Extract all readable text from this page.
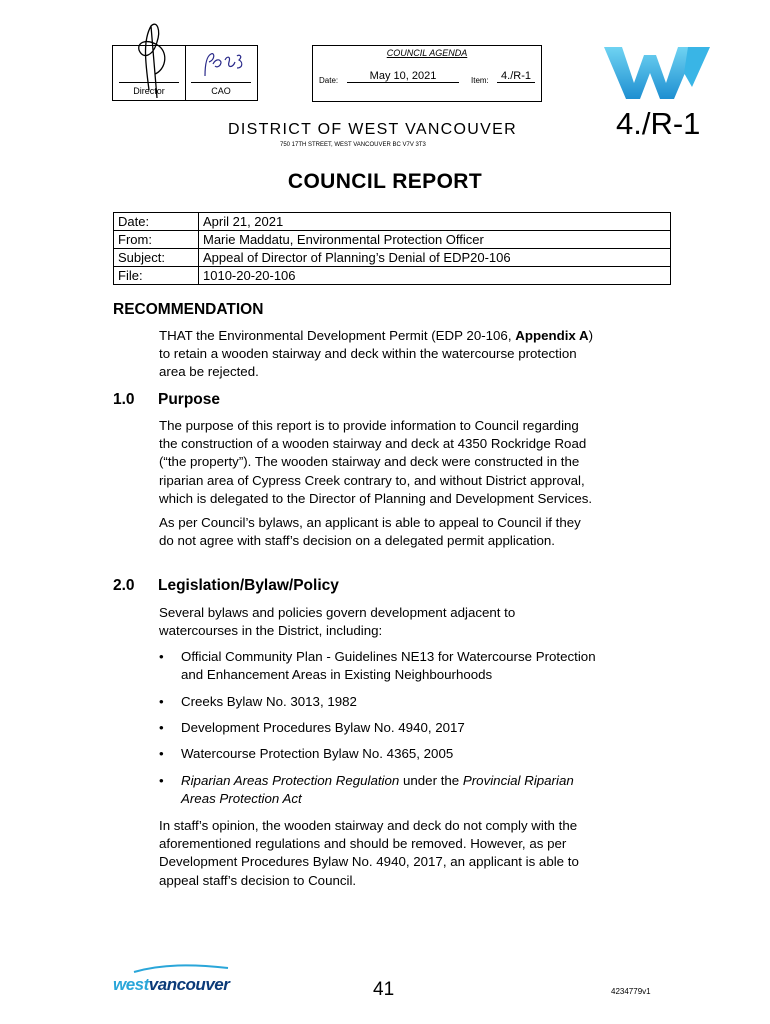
Director	CAO
COUNCIL AGENDA
Date:	May 10, 2021	Item:	4./R-1
DISTRICT OF WEST VANCOUVER
750 17TH STREET, WEST VANCOUVER BC V7V 3T3
4./R-1
COUNCIL REPORT
Date:	April 21, 2021
From:	Marie Maddatu, Environmental Protection Officer
Subject:	Appeal of Director of Planning’s Denial of EDP20-106
File:	1010-20-20-106
RECOMMENDATION
THAT the Environmental Development Permit (EDP 20-106, Appendix A)
to retain a wooden stairway and deck within the watercourse protection
area be rejected.
1.0 Purpose
The purpose of this report is to provide information to Council regarding
the construction of a wooden stairway and deck at 4350 Rockridge Road
(“the property”). The wooden stairway and deck were constructed in the
riparian area of Cypress Creek contrary to, and without District approval,
which is delegated to the Director of Planning and Development Services.
As per Council’s bylaws, an applicant is able to appeal to Council if they
do not agree with staff’s decision on a delegated permit application.
2.0 Legislation/Bylaw/Policy
Several bylaws and policies govern development adjacent to
watercourses in the District, including:
• Official Community Plan - Guidelines NE13 for Watercourse Protection
and Enhancement Areas in Existing Neighbourhoods
• Creeks Bylaw No. 3013, 1982
• Development Procedures Bylaw No. 4940, 2017
• Watercourse Protection Bylaw No. 4365, 2005
• Riparian Areas Protection Regulation under the Provincial Riparian
Areas Protection Act
In staff’s opinion, the wooden stairway and deck do not comply with the
aforementioned regulations and should be removed. However, as per
Development Procedures Bylaw No. 4940, 2017, an applicant is able to
appeal staff’s decision to Council.
westvancouver	41	4234779v1
